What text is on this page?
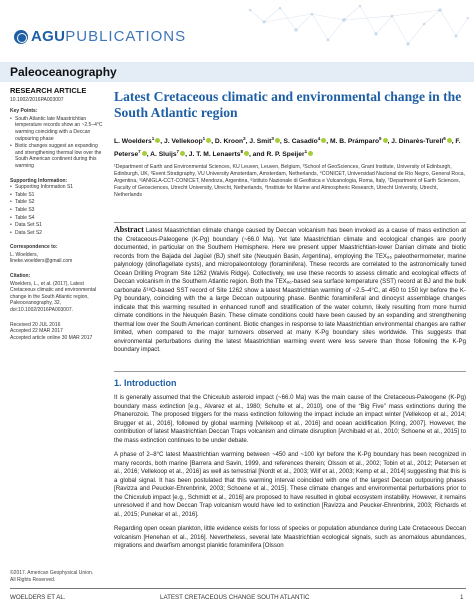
AGUPUBLICATIONS
Paleoceanography
RESEARCH ARTICLE
10.1002/2016PA003007
Key Points:
• South Atlantic late Maastrichtian temperature records show an ~2.5–4°C warming coinciding with a Deccan outpouring phase
• Biotic changes suggest an expanding and strengthening thermal low over the South American continent during this warming
Supporting Information:
• Supporting Information S1
• Table S1
• Table S2
• Table S3
• Table S4
• Data Set S1
• Data Set S2
Correspondence to:
L. Woelders,
lineke.woelders@gmail.com
Citation:
Woelders, L., et al. (2017), Latest Cretaceous climatic and environmental change in the South Atlantic region, Paleoceanography, 32, doi:10.1002/2016PA003007.
Received 20 JUL 2016
Accepted 22 MAR 2017
Accepted article online 30 MAR 2017
Latest Cretaceous climatic and environmental change in the South Atlantic region
L. Woelders$^1$ , J. Vellekoop$^1$ , D. Kroon$^2$, J. Smit$^3$ , S. Casadío$^4$ , M. B. Prámparo$^5$ , J. Dinarès-Turell$^6$ , F. Peterse$^7$ , A. Sluijs$^7$ , J. T. M. Lenaerts$^8$ , and R. P. Speijer$^1$
¹Department of Earth and Environmental Sciences, KU Leuven, Leuven, Belgium, ²School of GeoSciences, Grant Institute, University of Edinburgh, Edinburgh, UK, ³Event Stratigraphy, VU University Amsterdam, Amsterdam, Netherlands, ⁴CONICET, Universidad Nacional de Río Negro, General Roca, Argentina, ⁵IANIGLA-CCT-CONICET, Mendoza, Argentina, ⁶Istituto Nazionale di Geofisica e Vulcanologia, Roma, Italy, ⁷Department of Earth Sciences, Faculty of Geosciences, Utrecht University, Utrecht, Netherlands, ⁸Institute for Marine and Atmospheric Research, Utrecht University, Utrecht, Netherlands

Abstract Latest Maastrichtian climate change caused by Deccan volcanism has been invoked as a cause of mass extinction at the Cretaceous-Paleogene (K-Pg) boundary (~66.0 Ma). Yet late Maastrichtian climate and ecological changes are poorly documented, in particular on the Southern Hemisphere. Here we present upper Maastrichtian-lower Danian climate and biotic records from the Bajada del Jagüel (BJ) shelf site (Neuquén Basin, Argentina), employing the TEX₈₆ paleothermometer, marine palynology (dinoflagellate cysts), and micropaleontology (foraminifera). These records are correlated to the astronomically tuned Ocean Drilling Program Site 1262 (Walvis Ridge). Collectively, we use these records to assess climatic and ecological effects of Deccan volcanism in the Southern Atlantic region. Both the TEX₈₆-based sea surface temperature (SST) record at BJ and the bulk carbonate δ¹⁸O-based SST record of Site 1262 show a latest Maastrichtian warming of ~2.5–4°C, at 450 to 150 kyr before the K-Pg boundary, coinciding with the a large Deccan outpouring phase. Benthic foraminiferal and dinocyst assemblage changes indicate that this warming resulted in enhanced runoff and stratification of the water column, likely resulting from more humid climate conditions in the Neuquén Basin. These climate conditions could have been caused by an expanding and strengthening thermal low over the South American continent. Biotic changes in response to late Maastrichtian environmental changes are rather limited, when compared to the major turnovers observed at many K-Pg boundary sites worldwide. This suggests that environmental perturbations during the latest Maastrichtian warming event were less severe than those following the K-Pg boundary impact.

1. Introduction

It is generally assumed that the Chicxulub asteroid impact (~66.0 Ma) was the main cause of the Cretaceous-Paleogene (K-Pg) boundary mass extinction [e.g., Alvarez et al., 1980; Schulte et al., 2010], one of the “Big Five” mass extinctions during the Phanerozoic. The proposed triggers for the mass extinction following the impact include an impact winter [Vellekoop et al., 2014; Brugger et al., 2016], followed by global warming [Vellekoop et al., 2016] and ocean acidification [Kring, 2007]. However, the contribution of latest Maastrichtian Deccan Traps volcanism and climate disruption [Archibald et al., 2010; Schoene et al., 2015] to the mass extinction continues to be under debate.

A phase of 2–8°C latest Maastrichtian warming between ~450 and ~100 kyr before the K-Pg boundary has been recognized in many records, both marine [Barrera and Savin, 1999, and references therein; Olsson et al., 2002; Tobin et al., 2012; Petersen et al., 2016; Vellekoop et al., 2016] as well as terrestrial [Nordt et al., 2003; Wilf et al., 2003; Kemp et al., 2014] suggesting that this is a global signal. It has been postulated that this warming interval coincided with one of the largest Deccan outpouring phases [Ravizza and Peucker-Ehrenbrink, 2003; Schoene et al., 2015]. These climate changes and environmental perturbations prior to the Chicxulub impact [e.g., Schmidt et al., 2016] are proposed to have resulted in global ecosystem instability. However, it remains unresolved if and how Deccan Trap volcanism would have led to extinction [Ravizza and Peucker-Ehrenbrink, 2003; Richards et al., 2015; Punekar et al., 2016].

Regarding open ocean plankton, little evidence exists for loss of species or population abundance during Late Cretaceous Deccan volcanism [Henehan et al., 2016]. Nevertheless, several late Maastrichtian ecological signals, such as anomalous abundances, migrations and dwarfism amongst planktic foraminifera [Olsson

©2017. American Geophysical Union.
All Rights Reserved.
WOELDERS ET AL.	LATEST CRETACEOUS CHANGE SOUTH ATLANTIC	1
